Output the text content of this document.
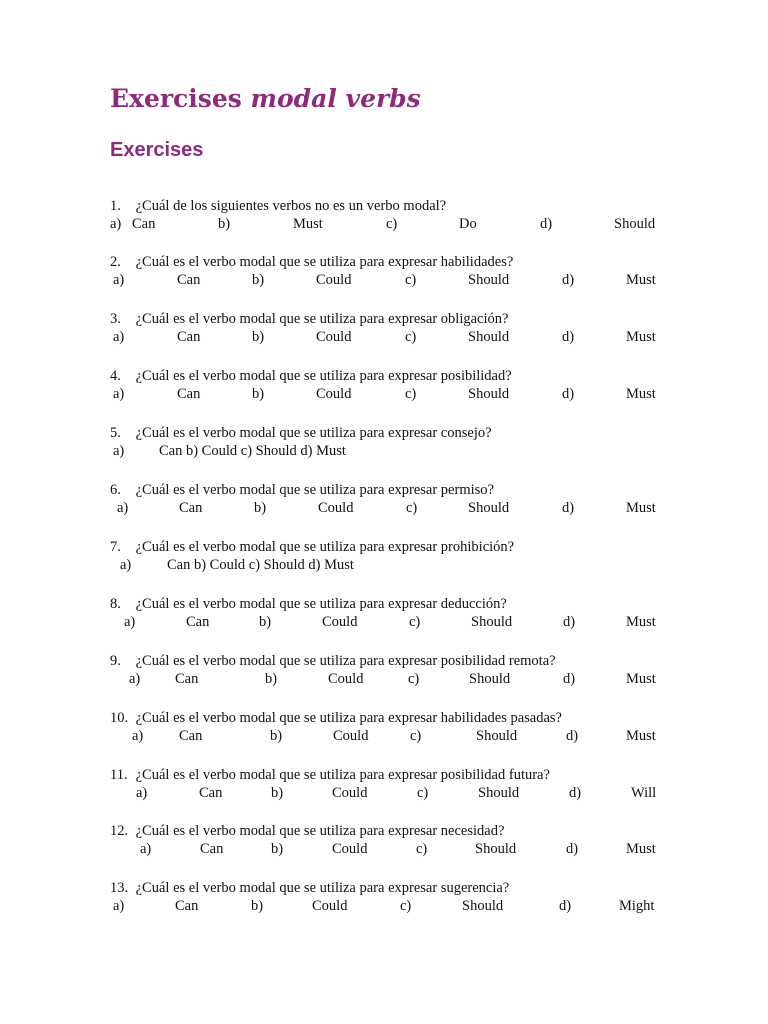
Exercises modal verbs
Exercises
1. ¿Cuál de los siguientes verbos no es un verbo modal?
a) Can	b)	Must	c)	Do	d)	Should
2. ¿Cuál es el verbo modal que se utiliza para expresar habilidades?
a)	Can	b)	Could	c)	Should	d)	Must
3. ¿Cuál es el verbo modal que se utiliza para expresar obligación?
a)	Can	b)	Could	c)	Should	d)	Must
4. ¿Cuál es el verbo modal que se utiliza para expresar posibilidad?
a)	Can	b)	Could	c)	Should	d)	Must
5. ¿Cuál es el verbo modal que se utiliza para expresar consejo?
a) Can b) Could c) Should d) Must
6. ¿Cuál es el verbo modal que se utiliza para expresar permiso?
a)	Can	b)	Could	c)	Should	d)	Must
7. ¿Cuál es el verbo modal que se utiliza para expresar prohibición?
a) Can b) Could c) Should d) Must
8. ¿Cuál es el verbo modal que se utiliza para expresar deducción?
a)	Can	b)	Could	c)	Should	d)	Must
9. ¿Cuál es el verbo modal que se utiliza para expresar posibilidad remota?
a) Can	b)	Could	c)	Should	d)	Must
10. ¿Cuál es el verbo modal que se utiliza para expresar habilidades pasadas?
a) Can	b)	Could	c)	Should	d)	Must
11. ¿Cuál es el verbo modal que se utiliza para expresar posibilidad futura?
a)	Can	b)	Could	c)	Should	d)	Will
12. ¿Cuál es el verbo modal que se utiliza para expresar necesidad?
a)	Can	b)	Could	c)	Should	d)	Must
13. ¿Cuál es el verbo modal que se utiliza para expresar sugerencia?
a)	Can	b)	Could	c)	Should	d)	Might
